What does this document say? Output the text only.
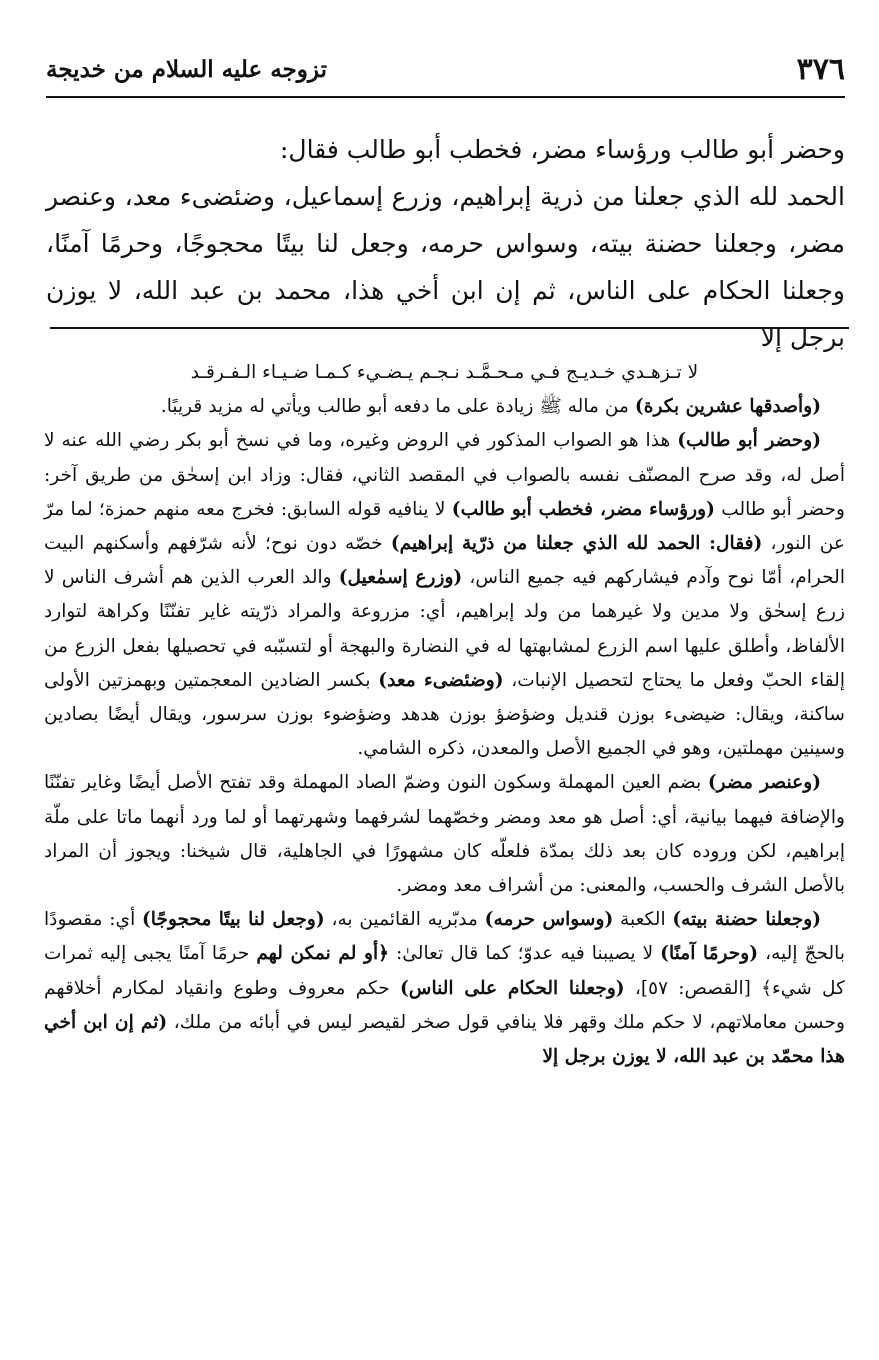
٣٧٦
تزوجه عليه السلام من خديجة

وحضر أبو طالب ورؤساء مضر، فخطب أبو طالب فقال:

الحمد لله الذي جعلنا من ذرية إبراهيم، وزرع إسماعيل، وضئضىء معد، وعنصر مضر، وجعلنا حضنة بيته، وسواس حرمه، وجعل لنا بيتًا محجوجًا، وحرمًا آمنًا، وجعلنا الحكام على الناس، ثم إن ابن أخي هذا، محمد بن عبد الله، لا يوزن برجل إلا

لا تـزهـدي خـديـج فـي مـحـمَّـد نـجـم يـضـيء كـمـا ضـيـاء الـفـرقـد

(وأصدقها عشرين بكرة) من ماله ﷺ زيادة على ما دفعه أبو طالب ويأتي له مزيد قريبًا.

(وحضر أبو طالب) هذا هو الصواب المذكور في الروض وغيره، وما في نسخ أبو بكر رضي الله عنه لا أصل له، وقد صرح المصنّف نفسه بالصواب في المقصد الثاني، فقال: وزاد ابن إسحٰق من طريق آخر: وحضر أبو طالب (ورؤساء مضر، فخطب أبو طالب) لا ينافيه قوله السابق: فخرج معه منهم حمزة؛ لما مرّ عن النور، (فقال: الحمد لله الذي جعلنا من ذرّية إبراهيم) خصّه دون نوح؛ لأنه شرّفهم وأسكنهم البيت الحرام، أمّا نوح وآدم فيشاركهم فيه جميع الناس، (وزرع إسمٰعيل) والد العرب الذين هم أشرف الناس لا زرع إسحٰق ولا مدين ولا غيرهما من ولد إبراهيم، أي: مزروعة والمراد ذرّيته غاير تفنّنًا وكراهة لتوارد الألفاظ، وأطلق عليها اسم الزرع لمشابهتها له في النضارة والبهجة أو لتسبّبه في تحصيلها بفعل الزرع من إلقاء الحبّ وفعل ما يحتاج لتحصيل الإنبات، (وضئضىء معد) بكسر الضادين المعجمتين وبهمزتين الأولى ساكنة، ويقال: ضيضىء بوزن قنديل وضؤضؤ بوزن هدهد وضؤضوء بوزن سرسور، ويقال أيضًا بصادين وسينين مهملتين، وهو في الجميع الأصل والمعدن، ذكره الشامي.

(وعنصر مضر) بضم العين المهملة وسكون النون وضمّ الصاد المهملة وقد تفتح الأصل أيضًا وغاير تفنّنًا والإضافة فيهما بيانية، أي: أصل هو معد ومضر وخصّهما لشرفهما وشهرتهما أو لما ورد أنهما ماتا على ملّة إبراهيم، لكن وروده كان بعد ذلك بمدّة فلعلّه كان مشهورًا في الجاهلية، قال شيخنا: ويجوز أن المراد بالأصل الشرف والحسب، والمعنى: من أشراف معد ومضر.

(وجعلنا حضنة بيته) الكعبة (وسواس حرمه) مدبّريه القائمين به، (وجعل لنا بيتًا محجوجًا) أي: مقصودًا بالحجّ إليه، (وحرمًا آمنًا) لا يصيبنا فيه عدوّ؛ كما قال تعالىٰ: ﴿أو لم نمكن لهم حرمًا آمنًا يجبى إليه ثمرات كل شيء﴾ [القصص: ٥٧]، (وجعلنا الحكام على الناس) حكم معروف وطوع وانقياد لمكارم أخلاقهم وحسن معاملاتهم، لا حكم ملك وقهر فلا ينافي قول صخر لقيصر ليس في أبائه من ملك، (ثم إن ابن أخي هذا محمّد بن عبد الله، لا يوزن برجل إلا
